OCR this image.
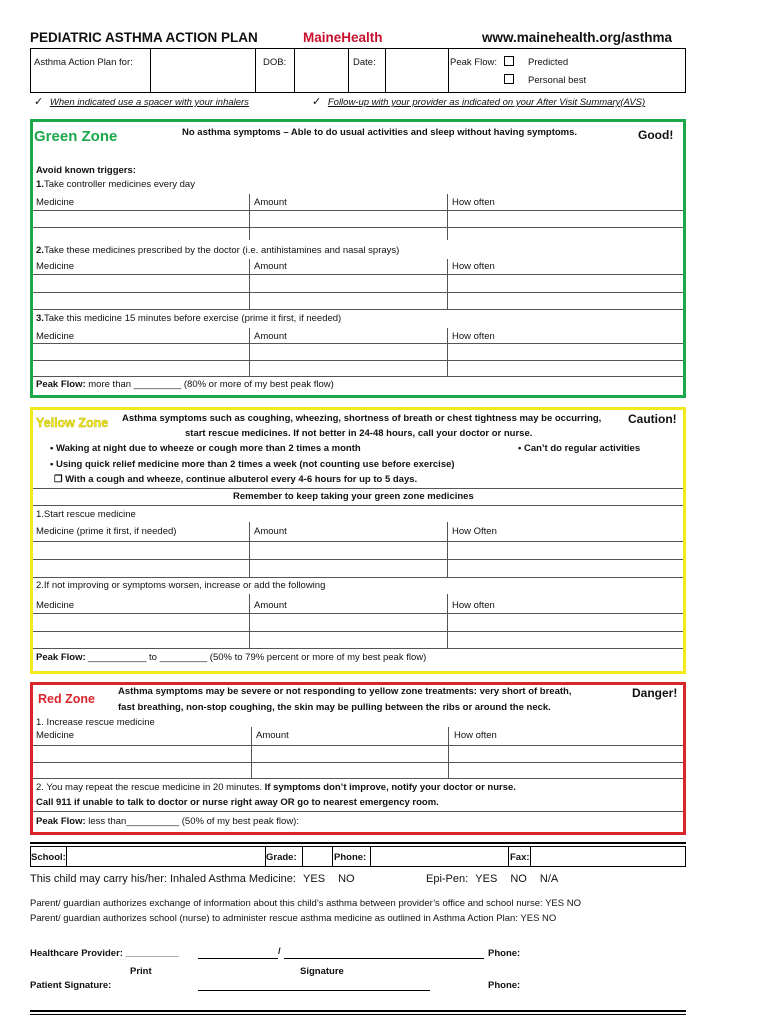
PEDIATRIC ASTHMA ACTION PLAN	MaineHealth	www.mainehealth.org/asthma
Asthma Action Plan for:	DOB:	Date:	Peak Flow:	Predicted
Personal best
✓ When indicated use a spacer with your inhalers	✓ Follow-up with your provider as indicated on your After Visit Summary(AVS)
Green Zone	No asthma symptoms – Able to do usual activities and sleep without having symptoms.	Good!
Avoid known triggers:
1.Take controller medicines every day
Medicine	Amount	How often
2.Take these medicines prescribed by the doctor (i.e. antihistamines and nasal sprays)
Medicine	Amount	How often
3.Take this medicine 15 minutes before exercise (prime it first, if needed)
Medicine	Amount	How often
Peak Flow: more than _________ (80% or more of my best peak flow)
Yellow Zone Asthma symptoms such as coughing, wheezing, shortness of breath or chest tightness may be occurring,
start rescue medicines. If not better in 24-48 hours, call your doctor or nurse.
Caution!
• Waking at night due to wheeze or cough more than 2 times a month	• Can’t do regular activities
• Using quick relief medicine more than 2 times a week (not counting use before exercise)
❒ With a cough and wheeze, continue albuterol every 4-6 hours for up to 5 days.
Remember to keep taking your green zone medicines
1.Start rescue medicine
Medicine (prime it first, if needed)	Amount	How Often
2.If not improving or symptoms worsen, increase or add the following
Medicine	Amount	How often
Peak Flow: ___________ to _________ (50% to 79% percent or more of my best peak flow)
Red Zone
Asthma symptoms may be severe or not responding to yellow zone treatments: very short of breath,
fast breathing, non-stop coughing, the skin may be pulling between the ribs or around the neck.
Danger!
1. Increase rescue medicine
Medicine	Amount	How often
2. You may repeat the rescue medicine in 20 minutes. If symptoms don’t improve, notify your doctor or nurse.
Call 911 if unable to talk to doctor or nurse right away OR go to nearest emergency room.
Peak Flow: less than__________ (50% of my best peak flow):
School:	Grade:	Phone:	Fax:
This child may carry his/her: Inhaled Asthma Medicine: YES NO	Epi-Pen: YES NO N/A
Parent/ guardian authorizes exchange of information about this child’s asthma between provider’s office and school nurse: YES NO
Parent/ guardian authorizes school (nurse) to administer rescue asthma medicine as outlined in Asthma Action Plan: YES NO
Healthcare Provider: __________	/	Phone:
Print	Signature
Patient Signature:	Phone:
